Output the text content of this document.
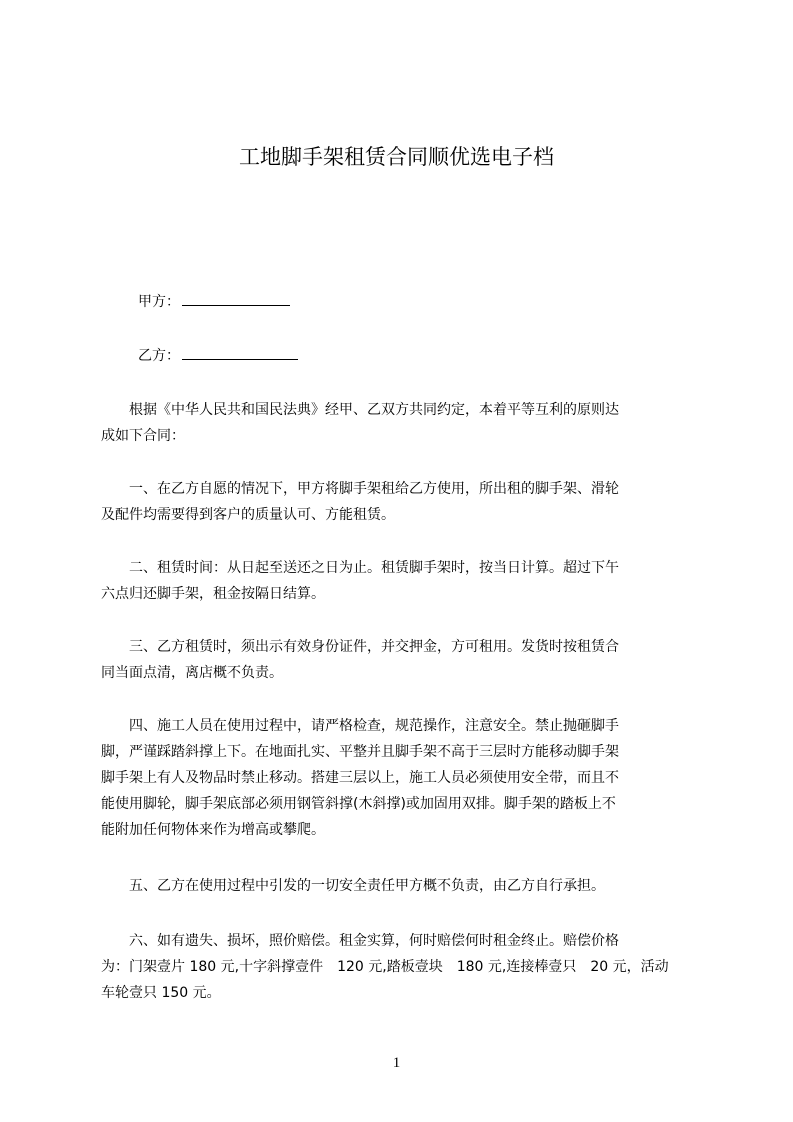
工地脚手架租赁合同顺优选电子档
甲方：
乙方：
　　根据《中华人民共和国民法典》经甲、乙双方共同约定，本着平等互利的原则达
成如下合同：
　　一、在乙方自愿的情况下，甲方将脚手架租给乙方使用，所出租的脚手架、滑轮
及配件均需要得到客户的质量认可、方能租赁。
　　二、租赁时间：从日起至送还之日为止。租赁脚手架时，按当日计算。超过下午
六点归还脚手架，租金按隔日结算。
　　三、乙方租赁时，须出示有效身份证件，并交押金，方可租用。发货时按租赁合
同当面点清，离店概不负责。
　　四、施工人员在使用过程中，请严格检查，规范操作，注意安全。禁止抛砸脚手
脚，严谨踩踏斜撑上下。在地面扎实、平整并且脚手架不高于三层时方能移动脚手架
脚手架上有人及物品时禁止移动。搭建三层以上，施工人员必须使用安全带，而且不
能使用脚轮，脚手架底部必须用钢管斜撑(木斜撑)或加固用双排。脚手架的踏板上不
能附加任何物体来作为增高或攀爬。
　　五、乙方在使用过程中引发的一切安全责任甲方概不负责，由乙方自行承担。
　　六、如有遗失、损坏，照价赔偿。租金实算，何时赔偿何时租金终止。赔偿价格
为：门架壹片 180 元,十字斜撑壹件　120 元,踏板壹块　180 元,连接棒壹只　20 元，活动
车轮壹只 150 元。
1
